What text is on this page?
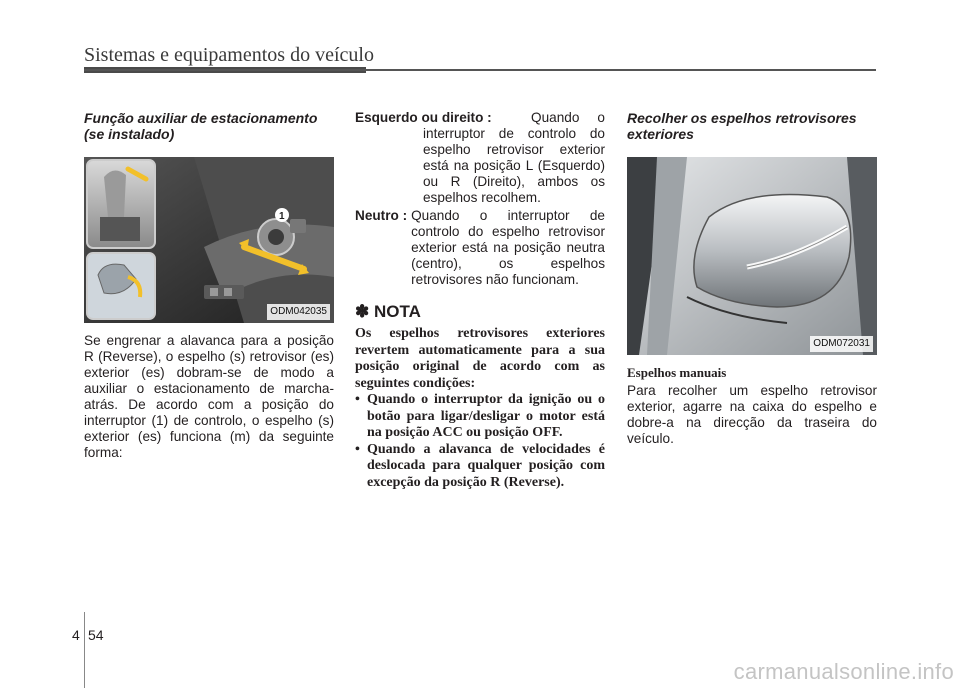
Sistemas e equipamentos do veículo
Função auxiliar de estacionamento
(se instalado)
1
ODM042035

Se engrenar a alavanca para a posição R (Reverse), o espelho (s) retrovisor (es) exterior (es) dobram-se de modo a auxiliar o estacionamento de marcha-atrás. De acordo com a posição do interruptor (1) de controlo, o espelho (s) exterior (es) funciona (m) da seguinte forma:

Esquerdo ou direito :	Quando o interruptor de controlo do espelho retrovisor exterior está na posição L (Esquerdo) ou R (Direito), ambos os espelhos recolhem.
Neutro : Quando o interruptor de controlo do espelho retrovisor exterior está na posição neutra (centro), os espelhos retrovisores não funcionam.
✽ NOTA

Os espelhos retrovisores exteriores revertem automaticamente para a sua posição original de acordo com as seguintes condições:

• Quando o interruptor da ignição ou o botão para ligar/desligar o motor está na posição ACC ou posição OFF.
• Quando a alavanca de velocidades é deslocada para qualquer posição com excepção da posição R (Reverse).
Recolher os espelhos retrovisores
exteriores
ODM072031
Espelhos manuais

Para recolher um espelho retrovisor exterior, agarre na caixa do espelho e dobre-a na direcção da traseira do veículo.

4 54
carmanualsonline.info
